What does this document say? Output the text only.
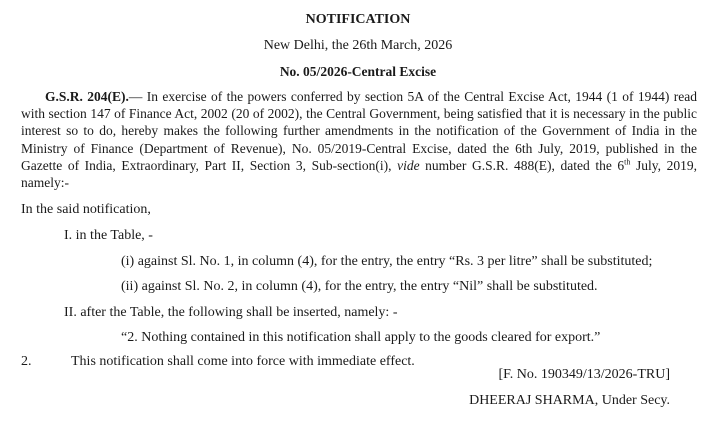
NOTIFICATION
New Delhi, the 26th March, 2026
No. 05/2026-Central Excise

G.S.R. 204(E).— In exercise of the powers conferred by section 5A of the Central Excise Act, 1944 (1 of 1944) read with section 147 of Finance Act, 2002 (20 of 2002), the Central Government, being satisfied that it is necessary in the public interest so to do, hereby makes the following further amendments in the notification of the Government of India in the Ministry of Finance (Department of Revenue), No. 05/2019-Central Excise, dated the 6th July, 2019, published in the Gazette of India, Extraordinary, Part II, Section 3, Sub-section(i), vide number G.S.R. 488(E), dated the 6th July, 2019, namely:-

In the said notification,
I. in the Table, -
(i) against Sl. No. 1, in column (4), for the entry, the entry “Rs. 3 per litre” shall be substituted;
(ii) against Sl. No. 2, in column (4), for the entry, the entry “Nil” shall be substituted.
II. after the Table, the following shall be inserted, namely: -
“2. Nothing contained in this notification shall apply to the goods cleared for export.”
2.	This notification shall come into force with immediate effect.
[F. No. 190349/13/2026-TRU]
DHEERAJ SHARMA, Under Secy.
